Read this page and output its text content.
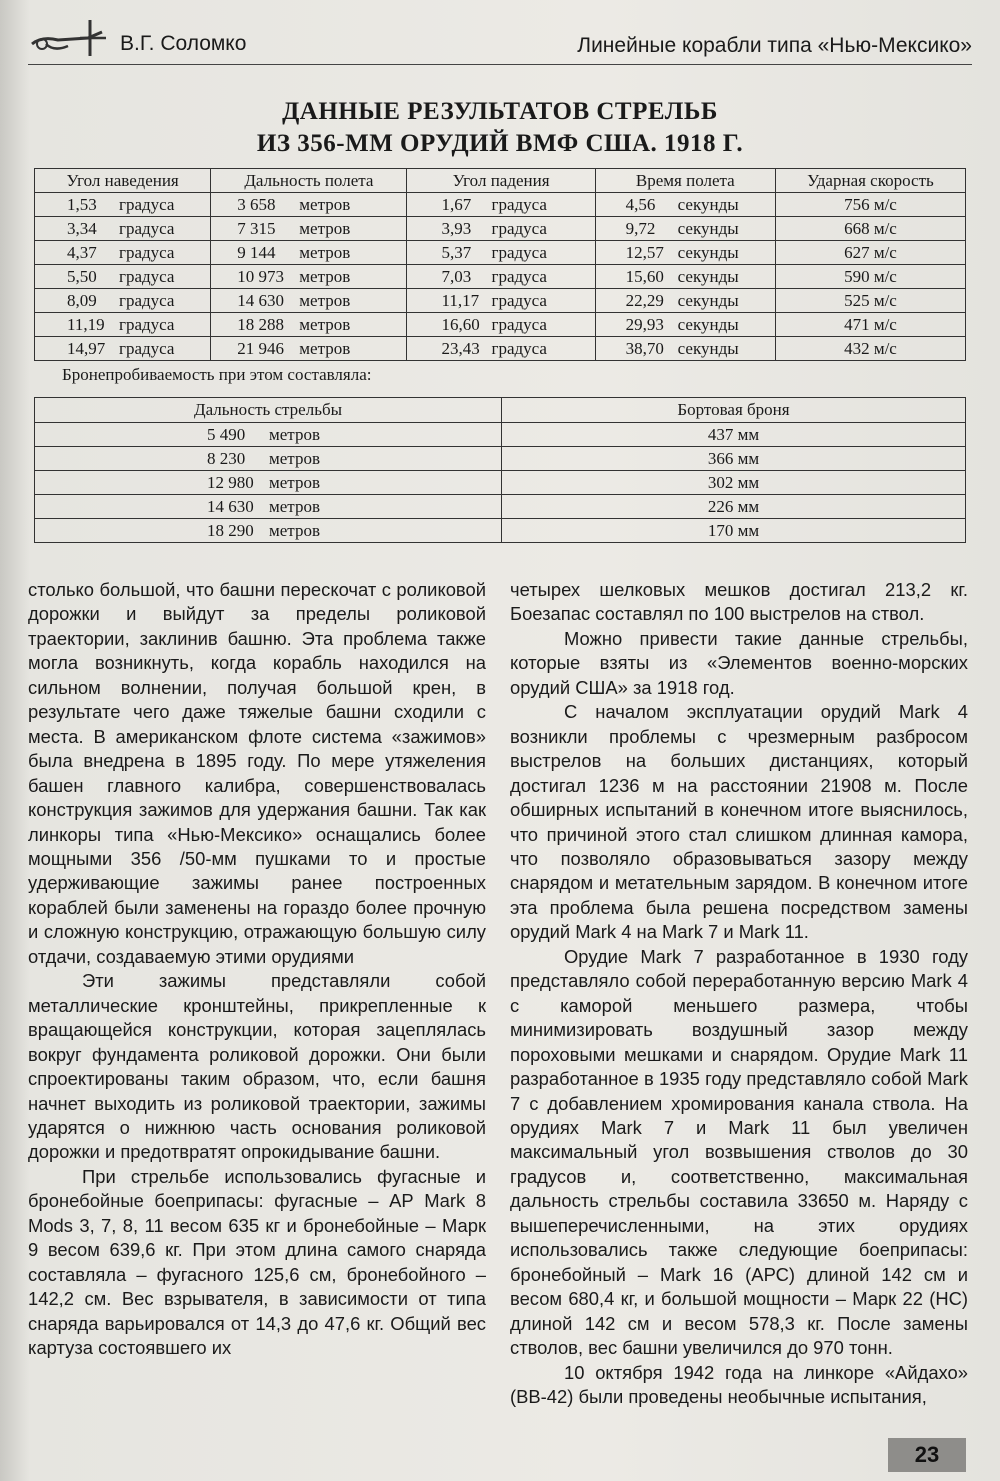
В.Г. Соломко	Линейные корабли типа «Нью-Мексико»
ДАННЫЕ РЕЗУЛЬТАТОВ СТРЕЛЬБ
ИЗ 356-ММ ОРУДИЙ ВМФ США. 1918 Г.
Угол наведения	Дальность полета	Угол падения	Время полета	Ударная скорость
1,53 градуса	3 658 метров	1,67 градуса	4,56 секунды	756 м/с
3,34 градуса	7 315 метров	3,93 градуса	9,72 секунды	668 м/с
4,37 градуса	9 144 метров	5,37 градуса	12,57 секунды	627 м/с
5,50 градуса	10 973 метров	7,03 градуса	15,60 секунды	590 м/с
8,09 градуса	14 630 метров	11,17 градуса	22,29 секунды	525 м/с
11,19 градуса	18 288 метров	16,60 градуса	29,93 секунды	471 м/с
14,97 градуса	21 946 метров	23,43 градуса	38,70 секунды	432 м/с
Бронепробиваемость при этом составляла:
Дальность стрельбы	Бортовая броня
5 490 метров	437 мм
8 230 метров	366 мм
12 980 метров	302 мм
14 630 метров	226 мм
18 290 метров	170 мм

столько большой, что башни перескочат с роликовой дорожки и выйдут за пределы роликовой траектории, заклинив башню. Эта проблема также могла возникнуть, когда корабль находился на сильном волнении, получая большой крен, в результате чего даже тяжелые башни сходили с места. В американском флоте система «зажимов» была внедрена в 1895 году. По мере утяжеления башен главного калибра, совершенствовалась конструкция зажимов для удержания башни. Так как линкоры типа «Нью-Мексико» оснащались более мощными 356 /50-мм пушками то и простые удерживающие зажимы ранее построенных кораблей были заменены на гораздо более прочную и сложную конструкцию, отражающую большую силу отдачи, создаваемую этими орудиями

Эти зажимы представляли собой металлические кронштейны, прикрепленные к вращающейся конструкции, которая зацеплялась вокруг фундамента роликовой дорожки. Они были спроектированы таким образом, что, если башня начнет выходить из роликовой траектории, зажимы ударятся о нижнюю часть основания роликовой дорожки и предотвратят опрокидывание башни.

При стрельбе использовались фугасные и бронебойные боеприпасы: фугасные – АР Mark 8 Mods 3, 7, 8, 11 весом 635 кг и бронебойные – Марк 9 весом 639,6 кг. При этом длина самого снаряда составляла – фугасного 125,6 см, бронебойного – 142,2 см. Вес взрывателя, в зависимости от типа снаряда варьировался от 14,3 до 47,6 кг. Общий вес картуза состоявшего их

четырех шелковых мешков достигал 213,2 кг. Боезапас составлял по 100 выстрелов на ствол.

Можно привести такие данные стрельбы, которые взяты из «Элементов военно-морских орудий США» за 1918 год.

С началом эксплуатации орудий Mark 4 возникли проблемы с чрезмерным разбросом выстрелов на больших дистанциях, который достигал 1236 м на расстоянии 21908 м. После обширных испытаний в конечном итоге выяснилось, что причиной этого стал слишком длинная камора, что позволяло образовываться зазору между снарядом и метательным зарядом. В конечном итоге эта проблема была решена посредством замены орудий Mark 4 на Mark 7 и Mark 11.

Орудие Mark 7 разработанное в 1930 году представляло собой переработанную версию Mark 4 с каморой меньшего размера, чтобы минимизировать воздушный зазор между пороховыми мешками и снарядом. Орудие Mark 11 разработанное в 1935 году представляло собой Mark 7 с добавлением хромирования канала ствола. На орудиях Mark 7 и Mark 11 был увеличен максимальный угол возвышения стволов до 30 градусов и, соответственно, максимальная дальность стрельбы составила 33650 м. Наряду с вышеперечисленными, на этих орудиях использовались также следующие боеприпасы: бронебойный – Mark 16 (АРС) длиной 142 см и весом 680,4 кг, и большой мощности – Марк 22 (НС) длиной 142 см и весом 578,3 кг. После замены стволов, вес башни увеличился до 970 тонн.

10 октября 1942 года на линкоре «Айдахо» (BB-42) были проведены необычные испытания,

23
